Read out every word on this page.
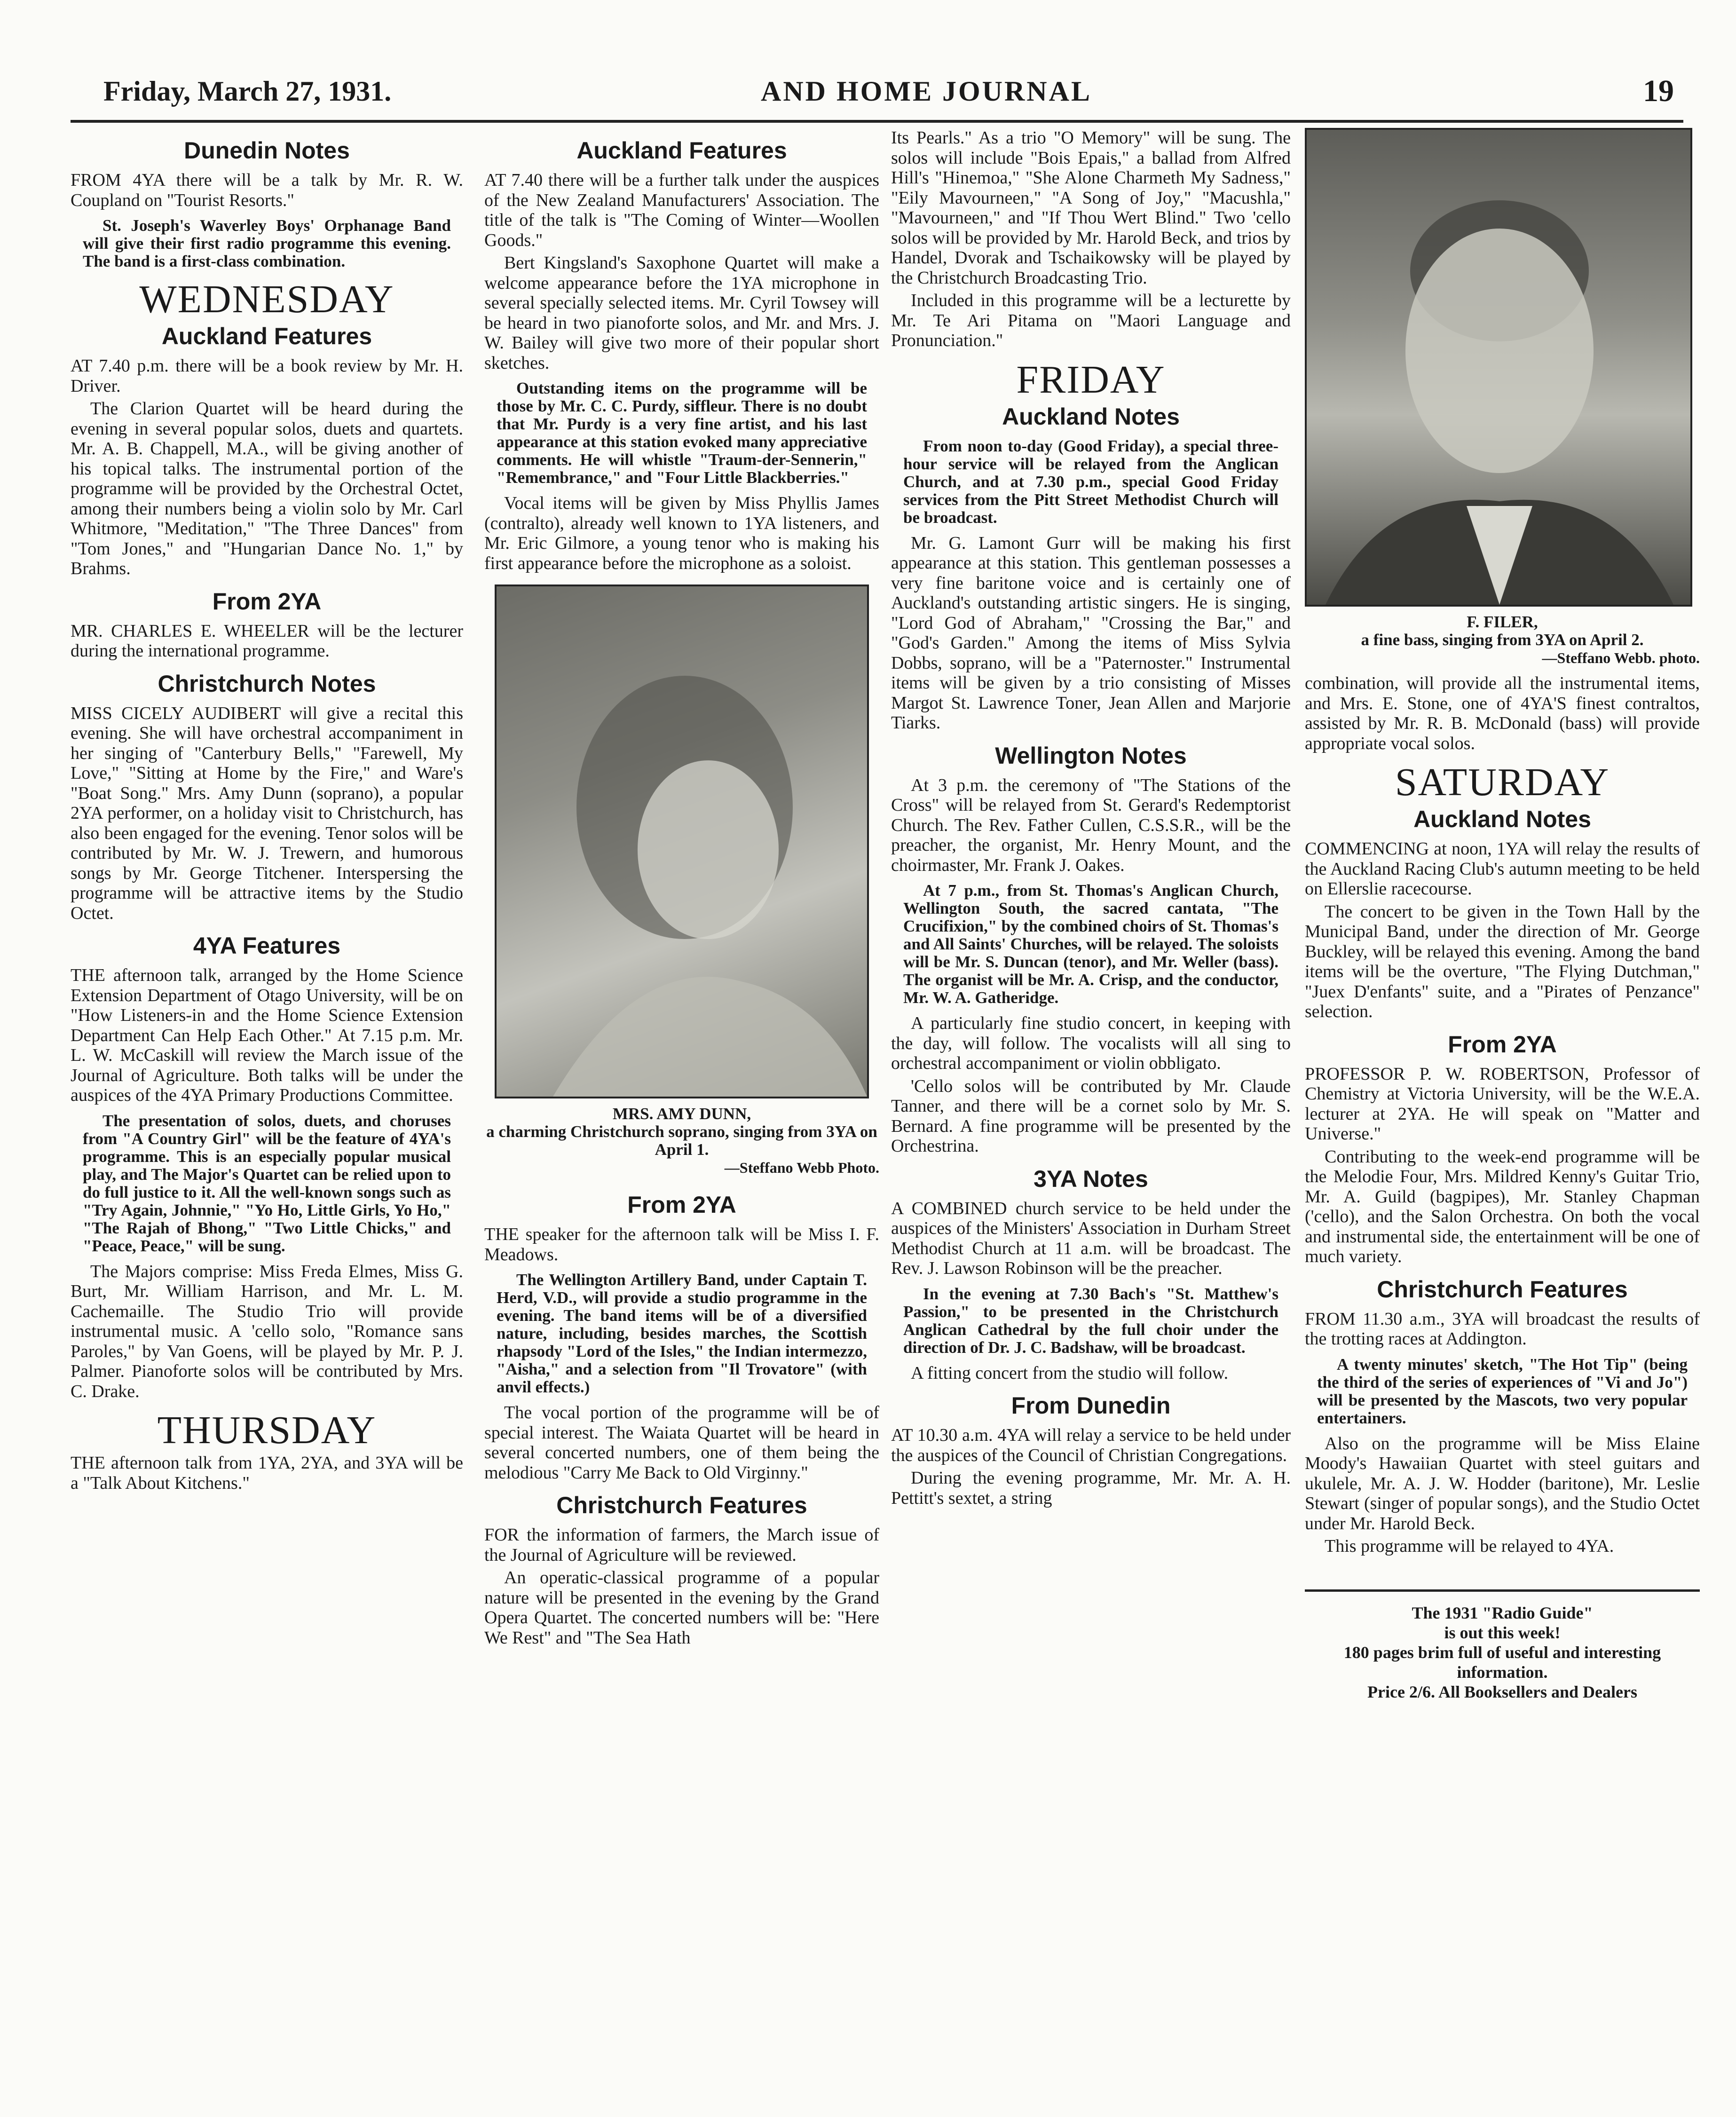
Friday, March 27, 1931.	AND HOME JOURNAL	19
Dunedin Notes

FROM 4YA there will be a talk by Mr. R. W. Coupland on "Tourist Resorts."

St. Joseph's Waverley Boys' Orphanage Band will give their first radio programme this evening. The band is a first-class combination.

WEDNESDAY
Auckland Features

AT 7.40 p.m. there will be a book review by Mr. H. Driver.

The Clarion Quartet will be heard during the evening in several popular solos, duets and quartets. Mr. A. B. Chappell, M.A., will be giving another of his topical talks. The instrumental portion of the programme will be provided by the Orchestral Octet, among their numbers being a violin solo by Mr. Carl Whitmore, "Meditation," "The Three Dances" from "Tom Jones," and "Hungarian Dance No. 1," by Brahms.

From 2YA

MR. CHARLES E. WHEELER will be the lecturer during the international programme.

Christchurch Notes

MISS CICELY AUDIBERT will give a recital this evening. She will have orchestral accompaniment in her singing of "Canterbury Bells," "Farewell, My Love," "Sitting at Home by the Fire," and Ware's "Boat Song." Mrs. Amy Dunn (soprano), a popular 2YA performer, on a holiday visit to Christchurch, has also been engaged for the evening. Tenor solos will be contributed by Mr. W. J. Trewern, and humorous songs by Mr. George Titchener. Interspersing the programme will be attractive items by the Studio Octet.

4YA Features

THE afternoon talk, arranged by the Home Science Extension Department of Otago University, will be on "How Listeners-in and the Home Science Extension Department Can Help Each Other." At 7.15 p.m. Mr. L. W. McCaskill will review the March issue of the Journal of Agriculture. Both talks will be under the auspices of the 4YA Primary Productions Committee.

The presentation of solos, duets, and choruses from "A Country Girl" will be the feature of 4YA's programme. This is an especially popular musical play, and The Major's Quartet can be relied upon to do full justice to it. All the well-known songs such as "Try Again, Johnnie," "Yo Ho, Little Girls, Yo Ho," "The Rajah of Bhong," "Two Little Chicks," and "Peace, Peace," will be sung.

The Majors comprise: Miss Freda Elmes, Miss G. Burt, Mr. William Harrison, and Mr. L. M. Cachemaille. The Studio Trio will provide instrumental music. A 'cello solo, "Romance sans Paroles," by Van Goens, will be played by Mr. P. J. Palmer. Pianoforte solos will be contributed by Mrs. C. Drake.

THURSDAY

THE afternoon talk from 1YA, 2YA, and 3YA will be a "Talk About Kitchens."

Auckland Features

AT 7.40 there will be a further talk under the auspices of the New Zealand Manufacturers' Association. The title of the talk is "The Coming of Winter—Woollen Goods."

Bert Kingsland's Saxophone Quartet will make a welcome appearance before the 1YA microphone in several specially selected items. Mr. Cyril Towsey will be heard in two pianoforte solos, and Mr. and Mrs. J. W. Bailey will give two more of their popular short sketches.

Outstanding items on the programme will be those by Mr. C. C. Purdy, siffleur. There is no doubt that Mr. Purdy is a very fine artist, and his last appearance at this station evoked many appreciative comments. He will whistle "Traum-der-Sennerin," "Remembrance," and "Four Little Blackberries."

Vocal items will be given by Miss Phyllis James (contralto), already well known to 1YA listeners, and Mr. Eric Gilmore, a young tenor who is making his first appearance before the microphone as a soloist.

MRS. AMY DUNN,
a charming Christchurch soprano, singing from 3YA on April 1.
—Steffano Webb Photo.
From 2YA

THE speaker for the afternoon talk will be Miss I. F. Meadows.

The Wellington Artillery Band, under Captain T. Herd, V.D., will provide a studio programme in the evening. The band items will be of a diversified nature, including, besides marches, the Scottish rhapsody "Lord of the Isles," the Indian intermezzo, "Aisha," and a selection from "Il Trovatore" (with anvil effects.)

The vocal portion of the programme will be of special interest. The Waiata Quartet will be heard in several concerted numbers, one of them being the melodious "Carry Me Back to Old Virginny."

Christchurch Features

FOR the information of farmers, the March issue of the Journal of Agriculture will be reviewed.

An operatic-classical programme of a popular nature will be presented in the evening by the Grand Opera Quartet. The concerted numbers will be: "Here We Rest" and "The Sea Hath

Its Pearls." As a trio "O Memory" will be sung. The solos will include "Bois Epais," a ballad from Alfred Hill's "Hinemoa," "She Alone Charmeth My Sadness," "Eily Mavourneen," "A Song of Joy," "Macushla," "Mavourneen," and "If Thou Wert Blind." Two 'cello solos will be provided by Mr. Harold Beck, and trios by Handel, Dvorak and Tschaikowsky will be played by the Christchurch Broadcasting Trio.

Included in this programme will be a lecturette by Mr. Te Ari Pitama on "Maori Language and Pronunciation."

FRIDAY
Auckland Notes

From noon to-day (Good Friday), a special three-hour service will be relayed from the Anglican Church, and at 7.30 p.m., special Good Friday services from the Pitt Street Methodist Church will be broadcast.

Mr. G. Lamont Gurr will be making his first appearance at this station. This gentleman possesses a very fine baritone voice and is certainly one of Auckland's outstanding artistic singers. He is singing, "Lord God of Abraham," "Crossing the Bar," and "God's Garden." Among the items of Miss Sylvia Dobbs, soprano, will be a "Paternoster." Instrumental items will be given by a trio consisting of Misses Margot St. Lawrence Toner, Jean Allen and Marjorie Tiarks.

Wellington Notes

At 3 p.m. the ceremony of "The Stations of the Cross" will be relayed from St. Gerard's Redemptorist Church. The Rev. Father Cullen, C.S.S.R., will be the preacher, the organist, Mr. Henry Mount, and the choirmaster, Mr. Frank J. Oakes.

At 7 p.m., from St. Thomas's Anglican Church, Wellington South, the sacred cantata, "The Crucifixion," by the combined choirs of St. Thomas's and All Saints' Churches, will be relayed. The soloists will be Mr. S. Duncan (tenor), and Mr. Weller (bass). The organist will be Mr. A. Crisp, and the conductor, Mr. W. A. Gatheridge.

A particularly fine studio concert, in keeping with the day, will follow. The vocalists will all sing to orchestral accompaniment or violin obbligato.

'Cello solos will be contributed by Mr. Claude Tanner, and there will be a cornet solo by Mr. S. Bernard. A fine programme will be presented by the Orchestrina.

3YA Notes

A COMBINED church service to be held under the auspices of the Ministers' Association in Durham Street Methodist Church at 11 a.m. will be broadcast. The Rev. J. Lawson Robinson will be the preacher.

In the evening at 7.30 Bach's "St. Matthew's Passion," to be presented in the Christchurch Anglican Cathedral by the full choir under the direction of Dr. J. C. Badshaw, will be broadcast.

A fitting concert from the studio will follow.

From Dunedin

AT 10.30 a.m. 4YA will relay a service to be held under the auspices of the Council of Christian Congregations.

During the evening programme, Mr. Mr. A. H. Pettitt's sextet, a string

F. FILER,
a fine bass, singing from 3YA on April 2.
—Steffano Webb. photo.

combination, will provide all the instrumental items, and Mrs. E. Stone, one of 4YA'S finest contraltos, assisted by Mr. R. B. McDonald (bass) will provide appropriate vocal solos.

SATURDAY
Auckland Notes

COMMENCING at noon, 1YA will relay the results of the Auckland Racing Club's autumn meeting to be held on Ellerslie racecourse.

The concert to be given in the Town Hall by the Municipal Band, under the direction of Mr. George Buckley, will be relayed this evening. Among the band items will be the overture, "The Flying Dutchman," "Juex D'enfants" suite, and a "Pirates of Penzance" selection.

From 2YA

PROFESSOR P. W. ROBERTSON, Professor of Chemistry at Victoria University, will be the W.E.A. lecturer at 2YA. He will speak on "Matter and Universe."

Contributing to the week-end programme will be the Melodie Four, Mrs. Mildred Kenny's Guitar Trio, Mr. A. Guild (bagpipes), Mr. Stanley Chapman ('cello), and the Salon Orchestra. On both the vocal and instrumental side, the entertainment will be one of much variety.

Christchurch Features

FROM 11.30 a.m., 3YA will broadcast the results of the trotting races at Addington.

A twenty minutes' sketch, "The Hot Tip" (being the third of the series of experiences of "Vi and Jo") will be presented by the Mascots, two very popular entertainers.

Also on the programme will be Miss Elaine Moody's Hawaiian Quartet with steel guitars and ukulele, Mr. A. J. W. Hodder (baritone), Mr. Leslie Stewart (singer of popular songs), and the Studio Octet under Mr. Harold Beck.

This programme will be relayed to 4YA.

The 1931 "Radio Guide"
is out this week!
180 pages brim full of useful and interesting information.
Price 2/6. All Booksellers and Dealers
